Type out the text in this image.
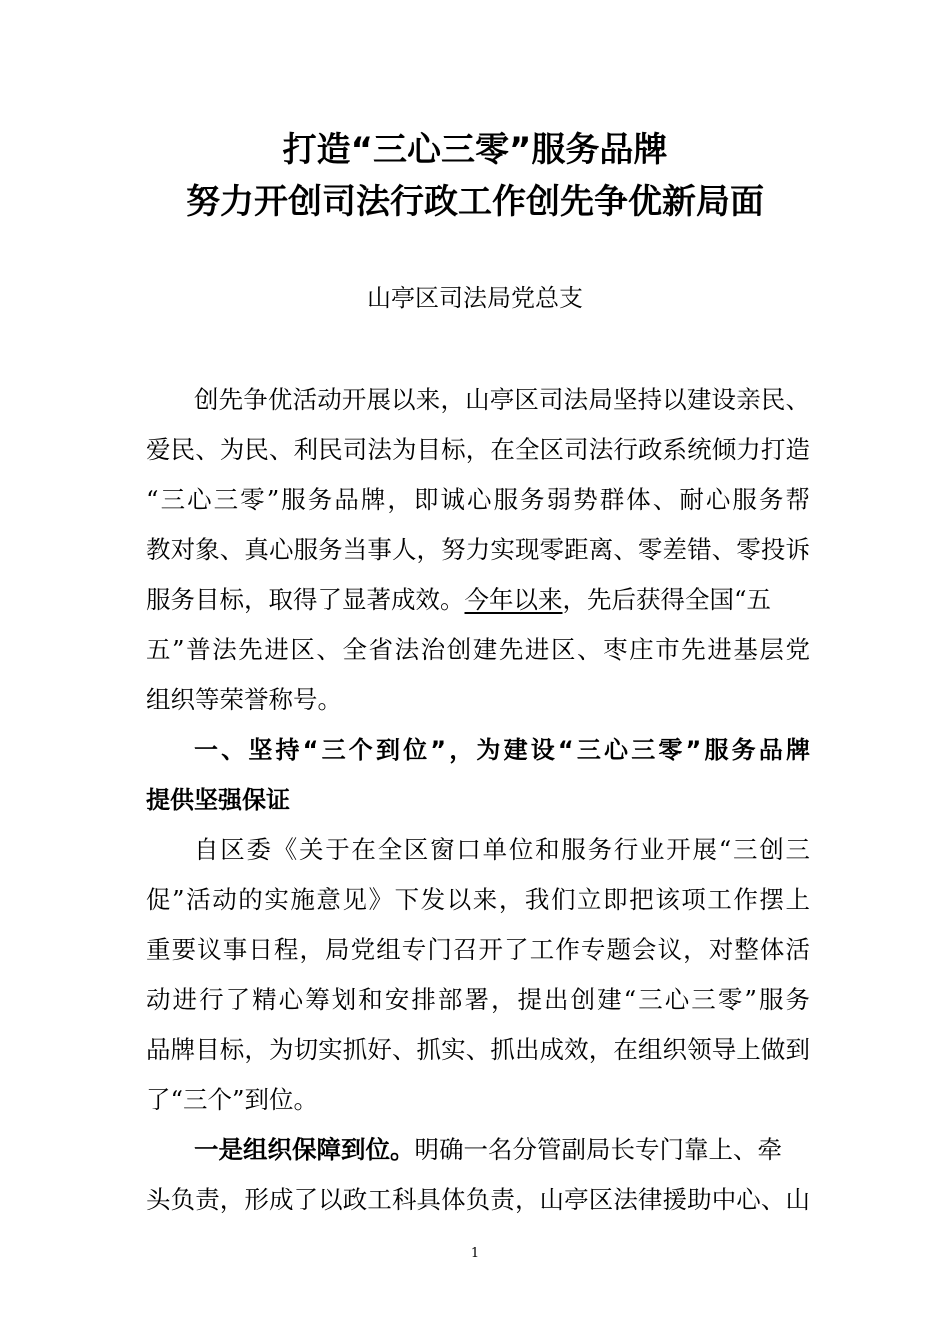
打造“三心三零”服务品牌
努力开创司法行政工作创先争优新局面
山亭区司法局党总支
创先争优活动开展以来，山亭区司法局坚持以建设亲民、
爱民、为民、利民司法为目标，在全区司法行政系统倾力打造
“三心三零”服务品牌，即诚心服务弱势群体、耐心服务帮
教对象、真心服务当事人，努力实现零距离、零差错、零投诉
服务目标，取得了显著成效。今年以来，先后获得全国“五
五”普法先进区、全省法治创建先进区、枣庄市先进基层党
组织等荣誉称号。
一、坚持“三个到位”，为建设“三心三零”服务品牌
提供坚强保证
自区委《关于在全区窗口单位和服务行业开展“三创三
促”活动的实施意见》下发以来，我们立即把该项工作摆上
重要议事日程，局党组专门召开了工作专题会议，对整体活
动进行了精心筹划和安排部署，提出创建“三心三零”服务
品牌目标，为切实抓好、抓实、抓出成效，在组织领导上做到
了“三个”到位。
一是组织保障到位。明确一名分管副局长专门靠上、牵
头负责，形成了以政工科具体负责，山亭区法律援助中心、山
1
